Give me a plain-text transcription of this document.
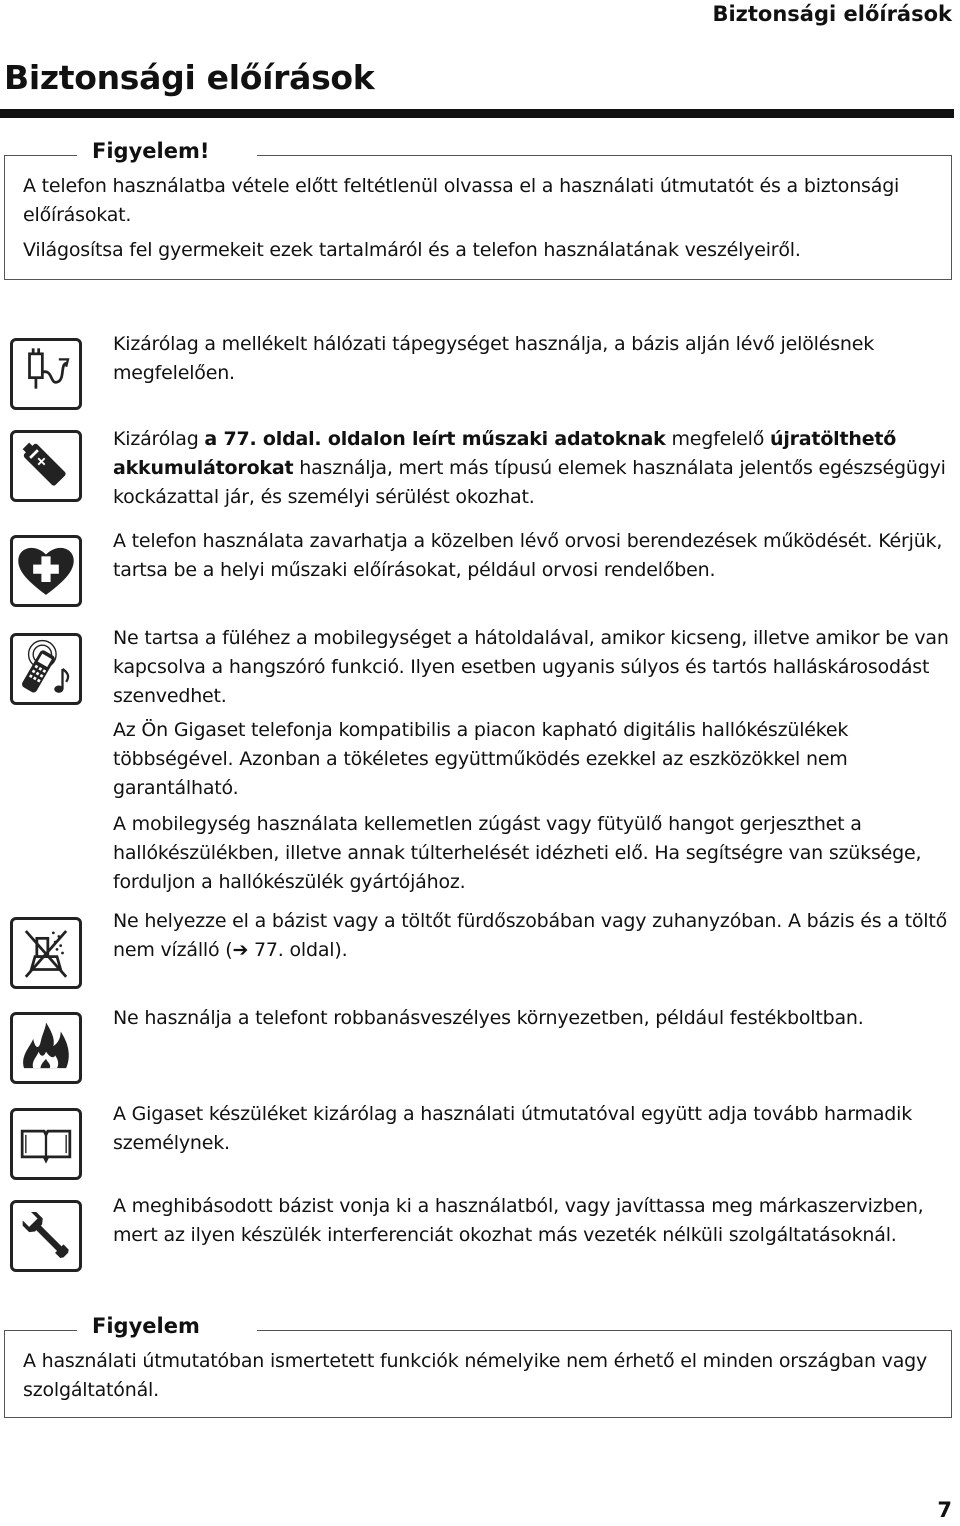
Biztonsági előírások
Biztonsági előírások
Figyelem!
A telefon használatba vétele előtt feltétlenül olvassa el a használati útmutatót és a biztonsági előírásokat.
Világosítsa fel gyermekeit ezek tartalmáról és a telefon használatának veszélyeiről.
Kizárólag a mellékelt hálózati tápegységet használja, a bázis alján lévő jelölésnek megfelelően.
Kizárólag a 77. oldal. oldalon leírt műszaki adatoknak megfelelő újratölthető akkumulátorokat használja, mert más típusú elemek használata jelentős egészségügyi kockázattal jár, és személyi sérülést okozhat.
A telefon használata zavarhatja a közelben lévő orvosi berendezések működését. Kérjük, tartsa be a helyi műszaki előírásokat, például orvosi rendelőben.
Ne tartsa a füléhez a mobilegységet a hátoldalával, amikor kicseng, illetve amikor be van kapcsolva a hangszóró funkció. Ilyen esetben ugyanis súlyos és tartós halláskárosodást szenvedhet.
Az Ön Gigaset telefonja kompatibilis a piacon kapható digitális hallókészülékek többségével. Azonban a tökéletes együttműködés ezekkel az eszközökkel nem garantálható.
A mobilegység használata kellemetlen zúgást vagy fütyülő hangot gerjeszthet a hallókészülékben, illetve annak túlterhelését idézheti elő. Ha segítségre van szüksége, forduljon a hallókészülék gyártójához.
Ne helyezze el a bázist vagy a töltőt fürdőszobában vagy zuhanyzóban. A bázis és a töltő nem vízálló (➔ 77. oldal).
Ne használja a telefont robbanásveszélyes környezetben, például festékboltban.
A Gigaset készüléket kizárólag a használati útmutatóval együtt adja tovább harmadik személynek.
A meghibásodott bázist vonja ki a használatból, vagy javíttassa meg márkaszervizben, mert az ilyen készülék interferenciát okozhat más vezeték nélküli szolgáltatásoknál.
Figyelem
A használati útmutatóban ismertetett funkciók némelyike nem érhető el minden országban vagy szolgáltatónál.
7
